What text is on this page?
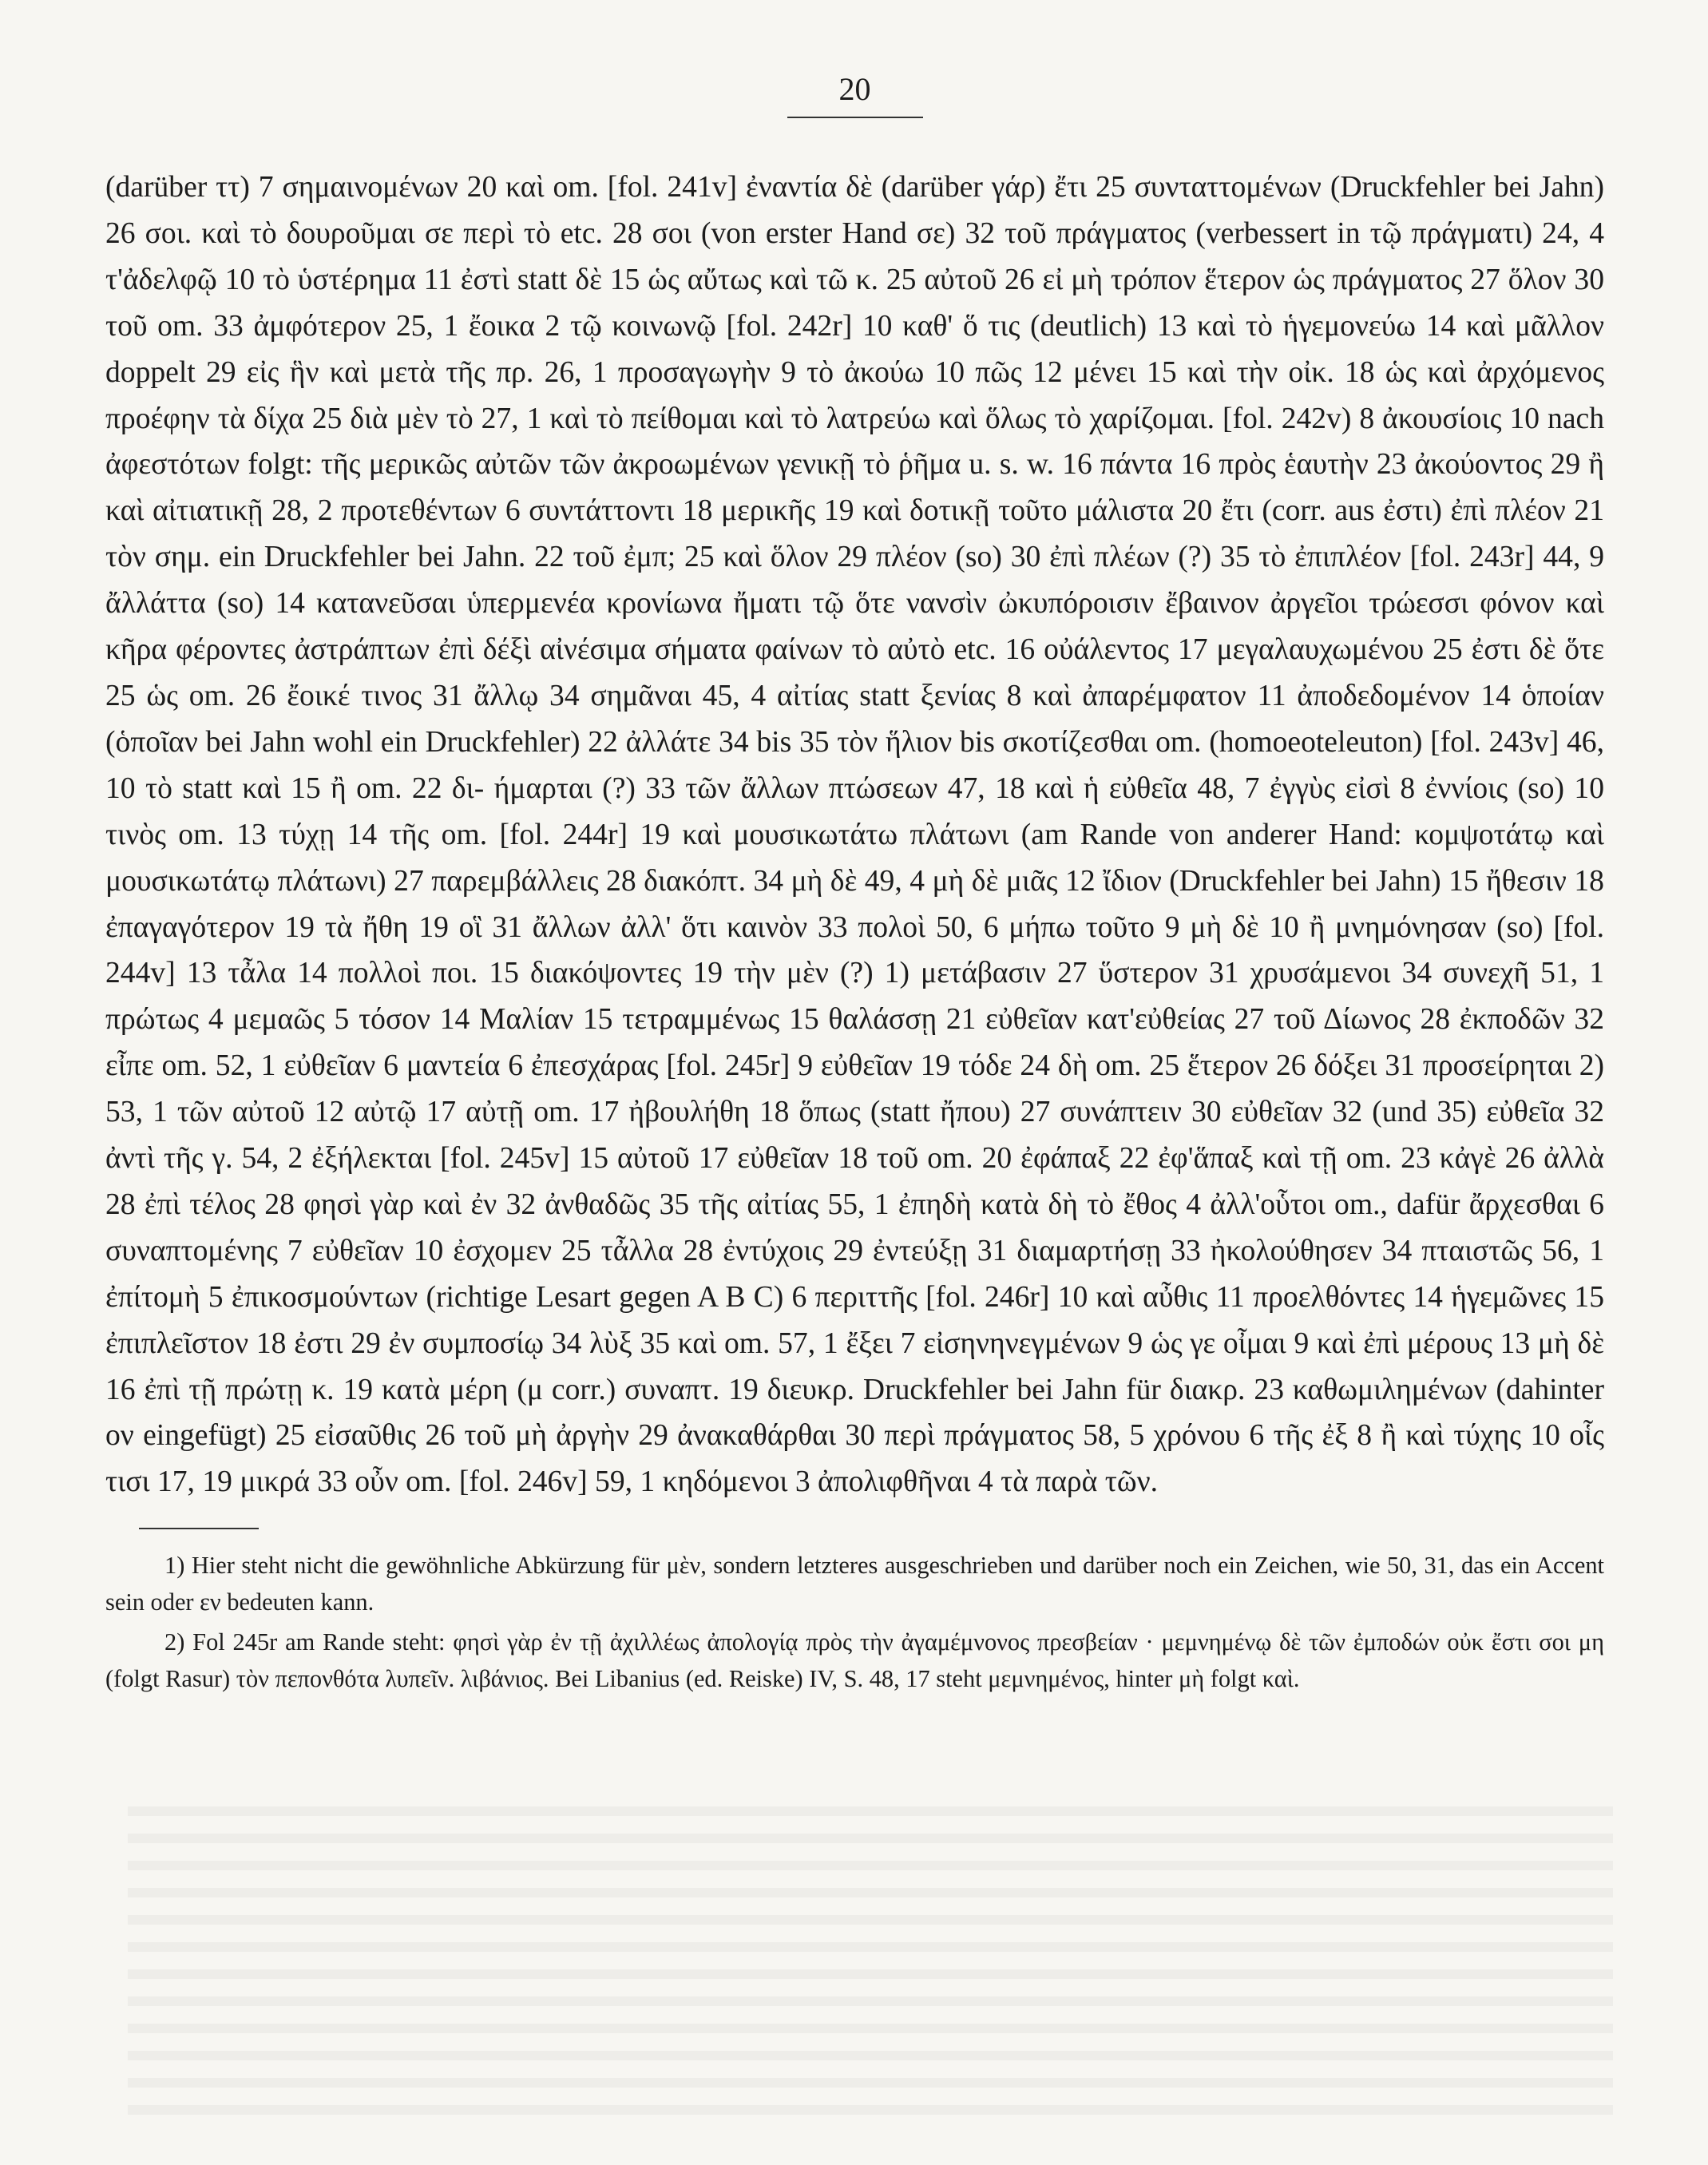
20

(darüber ττ) 7 σημαινομένων 20 καὶ om. [fol. 241v] ἐναντία δὲ (darüber γάρ) ἔτι 25 συνταττομένων (Druckfehler bei Jahn) 26 σοι. καὶ τὸ δουροῦμαι σε περὶ τὸ etc. 28 σοι (von erster Hand σε) 32 τοῦ πράγματος (verbessert in τῷ πράγματι) 24, 4 τ'ἀδελφῷ 10 τὸ ὑστέρημα 11 ἐστὶ statt δὲ 15 ὡς αὔτως καὶ τῶ κ. 25 αὐτοῦ 26 εἰ μὴ τρόπον ἕτερον ὡς πράγματος 27 ὅλον 30 τοῦ om. 33 ἀμφότερον 25, 1 ἔοικα 2 τῷ κοινωνῷ [fol. 242r] 10 καθ' ὅ τις (deutlich) 13 καὶ τὸ ἡγεμονεύω 14 καὶ μᾶλλον doppelt 29 εἰς ἣν καὶ μετὰ τῆς πρ. 26, 1 προσαγωγὴν 9 τὸ ἀκούω 10 πῶς 12 μένει 15 καὶ τὴν οἰκ. 18 ὡς καὶ ἀρχόμενος προέφην τὰ δίχα 25 διὰ μὲν τὸ 27, 1 καὶ τὸ πείθομαι καὶ τὸ λατρεύω καὶ ὅλως τὸ χαρίζομαι. [fol. 242v) 8 ἀκουσίοις 10 nach ἀφεστότων folgt: τῆς μερικῶς αὐτῶν τῶν ἀκροωμένων γενικῇ τὸ ῥῆμα u. s. w. 16 πάντα 16 πρὸς ἑαυτὴν 23 ἀκούοντος 29 ἢ καὶ αἰτιατικῇ 28, 2 προτεθέντων 6 συντάττοντι 18 μερικῆς 19 καὶ δοτικῇ τοῦτο μάλιστα 20 ἔτι (corr. aus ἐστι) ἐπὶ πλέον 21 τὸν σημ. ein Druckfehler bei Jahn. 22 τοῦ ἐμπ; 25 καὶ ὅλον 29 πλέον (so) 30 ἐπὶ πλέων (?) 35 τὸ ἐπιπλέον [fol. 243r] 44, 9 ἄλλάττα (so) 14 κατανεῦσαι ὑπερμενέα κρονίωνα ἤματι τῷ ὅτε νανσὶν ὠκυπόροισιν ἔβαινον ἀργεῖοι τρώεσσι φόνον καὶ κῆρα φέροντες ἀστράπτων ἐπὶ δέξὶ αἰνέσιμα σήματα φαίνων τὸ αὐτὸ etc. 16 οὐάλεντος 17 μεγαλαυχωμένου 25 ἐστι δὲ ὅτε 25 ὡς om. 26 ἔοικέ τινος 31 ἄλλῳ 34 σημᾶναι 45, 4 αἰτίας statt ξενίας 8 καὶ ἀπαρέμφατον 11 ἀποδεδομένον 14 ὁποίαν (ὁποῖαν bei Jahn wohl ein Druckfehler) 22 ἀλλάτε 34 bis 35 τὸν ἥλιον bis σκοτίζεσθαι om. (homoeoteleuton) [fol. 243v] 46, 10 τὸ statt καὶ 15 ἢ om. 22 δι- ήμαρται (?) 33 τῶν ἄλλων πτώσεων 47, 18 καὶ ἡ εὐθεῖα 48, 7 ἐγγὺς εἰσὶ 8 ἐννίοις (so) 10 τινὸς om. 13 τύχῃ 14 τῆς om. [fol. 244r] 19 καὶ μουσικωτάτω πλάτωνι (am Rande von anderer Hand: κομψοτάτῳ καὶ μουσικωτάτῳ πλάτωνι) 27 παρεμβάλλεις 28 διακόπτ. 34 μὴ δὲ 49, 4 μὴ δὲ μιᾶς 12 ἴδιον (Druckfehler bei Jahn) 15 ἤθεσιν 18 ἐπαγαγότερον 19 τὰ ἤθη 19 οἳ 31 ἄλλων ἀλλ' ὅτι καινὸν 33 πολοὶ 50, 6 μήπω τοῦτο 9 μὴ δὲ 10 ἢ μνημόνησαν (so) [fol. 244v] 13 τἆλα 14 πολλοὶ ποι. 15 διακόψοντες 19 τὴν μὲν (?) 1) μετάβασιν 27 ὕστερον 31 χρυσάμενοι 34 συνεχῆ 51, 1 πρώτως 4 μεμαῶς 5 τόσον 14 Μαλίαν 15 τετραμμένως 15 θαλάσσῃ 21 εὐθεῖαν κατ'εὐθείας 27 τοῦ Δίωνος 28 ἐκποδῶν 32 εἶπε om. 52, 1 εὐθεῖαν 6 μαντεία 6 ἐπεσχάρας [fol. 245r] 9 εὐθεῖαν 19 τόδε 24 δὴ om. 25 ἕτερον 26 δόξει 31 προσείρηται 2) 53, 1 τῶν αὐτοῦ 12 αὐτῷ 17 αὐτῇ om. 17 ἠβουλήθη 18 ὅπως (statt ἤπου) 27 συνάπτειν 30 εὐθεῖαν 32 (und 35) εὐθεῖα 32 ἀντὶ τῆς γ. 54, 2 ἐξήλεκται [fol. 245v] 15 αὐτοῦ 17 εὐθεῖαν 18 τοῦ om. 20 ἐφάπαξ 22 ἐφ'ἅπαξ καὶ τῇ om. 23 κἀγὲ 26 ἀλλὰ 28 ἐπὶ τέλος 28 φησὶ γὰρ καὶ ἐν 32 ἀνθαδῶς 35 τῆς αἰτίας 55, 1 ἐπηδὴ κατὰ δὴ τὸ ἔθος 4 ἀλλ'οὗτοι om., dafür ἄρχεσθαι 6 συναπτομένης 7 εὐθεῖαν 10 ἐσχομεν 25 τἆλλα 28 ἐντύχοις 29 ἐντεύξῃ 31 διαμαρτήσῃ 33 ἠκολούθησεν 34 πταιστῶς 56, 1 ἐπίτομὴ 5 ἐπικοσμούντων (richtige Lesart gegen A B C) 6 περιττῆς [fol. 246r] 10 καὶ αὖθις 11 προελθόντες 14 ἡγεμῶνες 15 ἐπιπλεῖστον 18 ἐστι 29 ἐν συμποσίῳ 34 λὺξ 35 καὶ om. 57, 1 ἔξει 7 εἰσηνηνεγμένων 9 ὡς γε οἶμαι 9 καὶ ἐπὶ μέρους 13 μὴ δὲ 16 ἐπὶ τῇ πρώτῃ κ. 19 κατὰ μέρη (μ corr.) συναπτ. 19 διευκρ. Druckfehler bei Jahn für διακρ. 23 καθωμιλημένων (dahinter ον eingefügt) 25 εἰσαῦθις 26 τοῦ μὴ ἀργὴν 29 ἀνακαθάρθαι 30 περὶ πράγματος 58, 5 χρόνου 6 τῆς ἐξ 8 ἢ καὶ τύχης 10 οἷς τισι 17, 19 μικρά 33 οὖν om. [fol. 246v] 59, 1 κηδόμενοι 3 ἀπολιφθῆναι 4 τὰ παρὰ τῶν.

1) Hier steht nicht die gewöhnliche Abkürzung für μὲν, sondern letzteres ausgeschrieben und darüber noch ein Zeichen, wie 50, 31, das ein Accent sein oder εν bedeuten kann.

2) Fol 245r am Rande steht: φησὶ γὰρ ἐν τῇ ἀχιλλέως ἀπολογίᾳ πρὸς τὴν ἀγαμέμνονος πρεσβείαν · μεμνημένῳ δὲ τῶν ἐμποδών οὐκ ἔστι σοι μη (folgt Rasur) τὸν πεπονθότα λυπεῖν. λιβάνιος. Bei Libanius (ed. Reiske) IV, S. 48, 17 steht μεμνημένος, hinter μὴ folgt καὶ.
